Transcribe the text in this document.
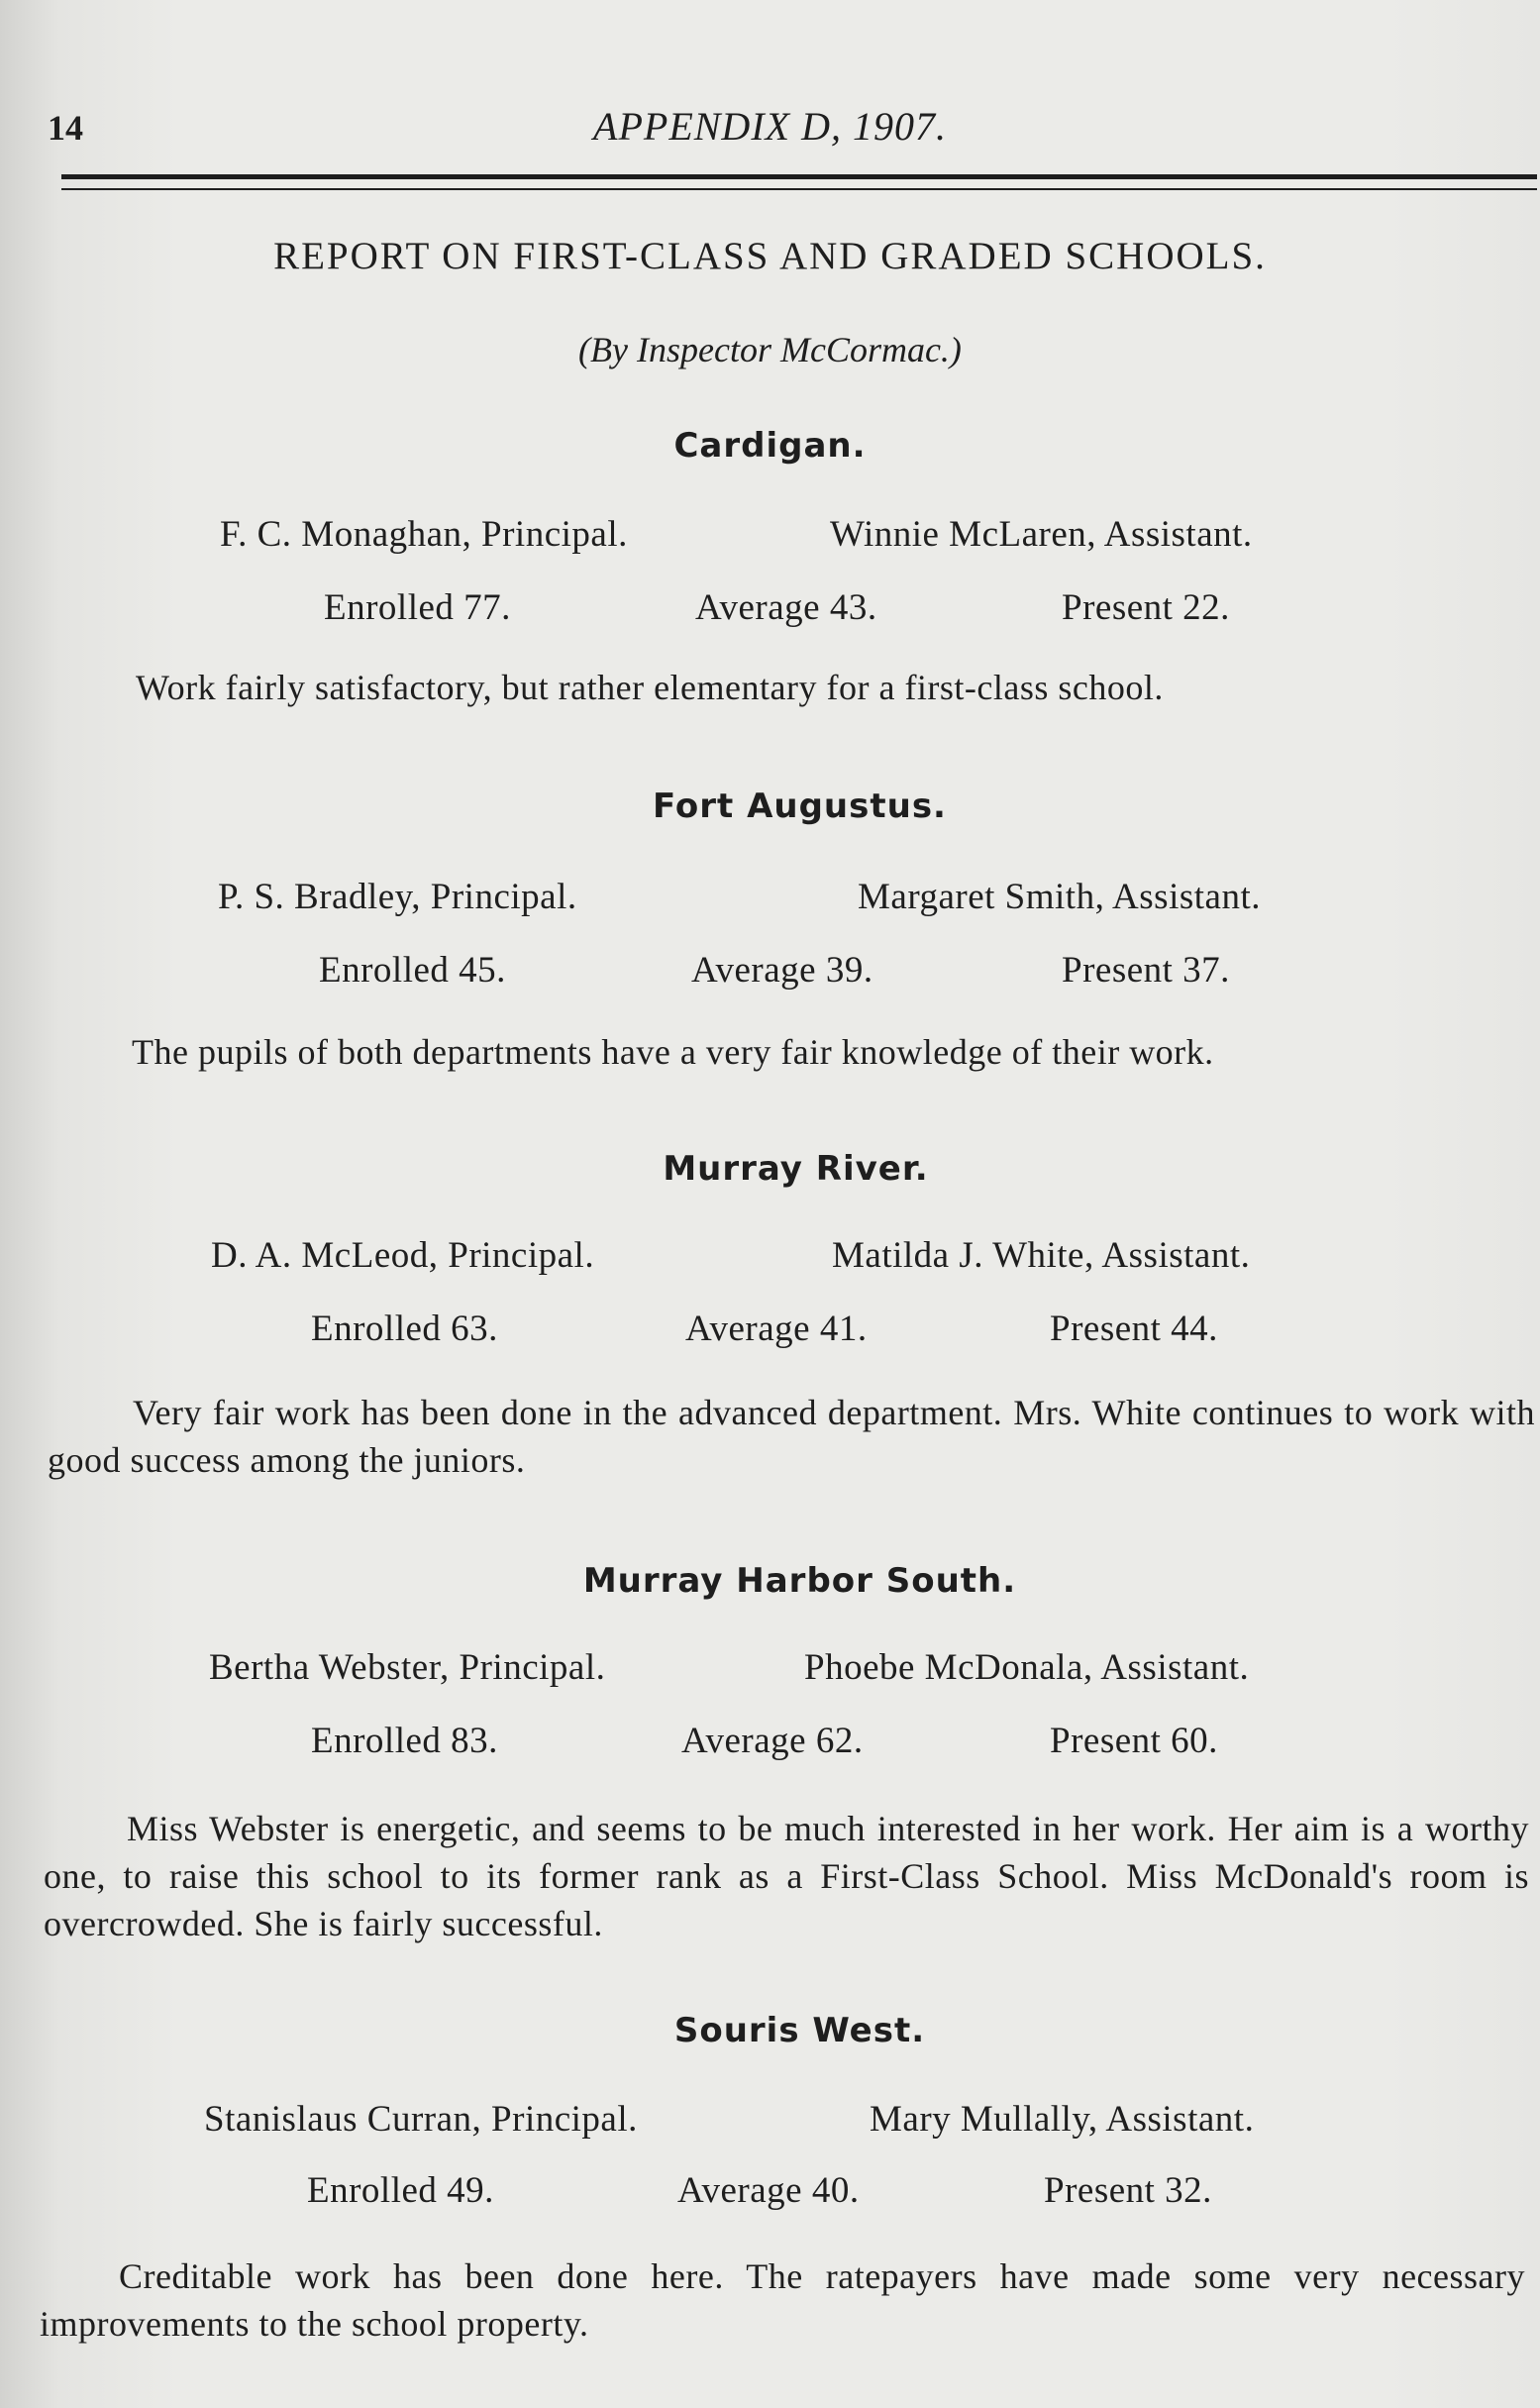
14	APPENDIX D, 1907.
REPORT ON FIRST-CLASS AND GRADED SCHOOLS.
(By Inspector McCormac.)
Cardigan.
F. C. Monaghan, Principal.	Winnie McLaren, Assistant.
Enrolled 77.	Average 43.	Present 22.
Work fairly satisfactory, but rather elementary for a first-class school.
Fort Augustus.
P. S. Bradley, Principal.	Margaret Smith, Assistant.
Enrolled 45.	Average 39.	Present 37.
The pupils of both departments have a very fair knowledge of their work.
Murray River.
D. A. McLeod, Principal.	Matilda J. White, Assistant.
Enrolled 63.	Average 41.	Present 44.
Very fair work has been done in the advanced department. Mrs. White continues to work with good success among the juniors.
Murray Harbor South.
Bertha Webster, Principal.	Phoebe McDonala, Assistant.
Enrolled 83.	Average 62.	Present 60.
Miss Webster is energetic, and seems to be much interested in her work. Her aim is a worthy one, to raise this school to its former rank as a First-Class School. Miss McDonald's room is overcrowded. She is fairly successful.
Souris West.
Stanislaus Curran, Principal.	Mary Mullally, Assistant.
Enrolled 49.	Average 40.	Present 32.
Creditable work has been done here. The ratepayers have made some very necessary improvements to the school property.
